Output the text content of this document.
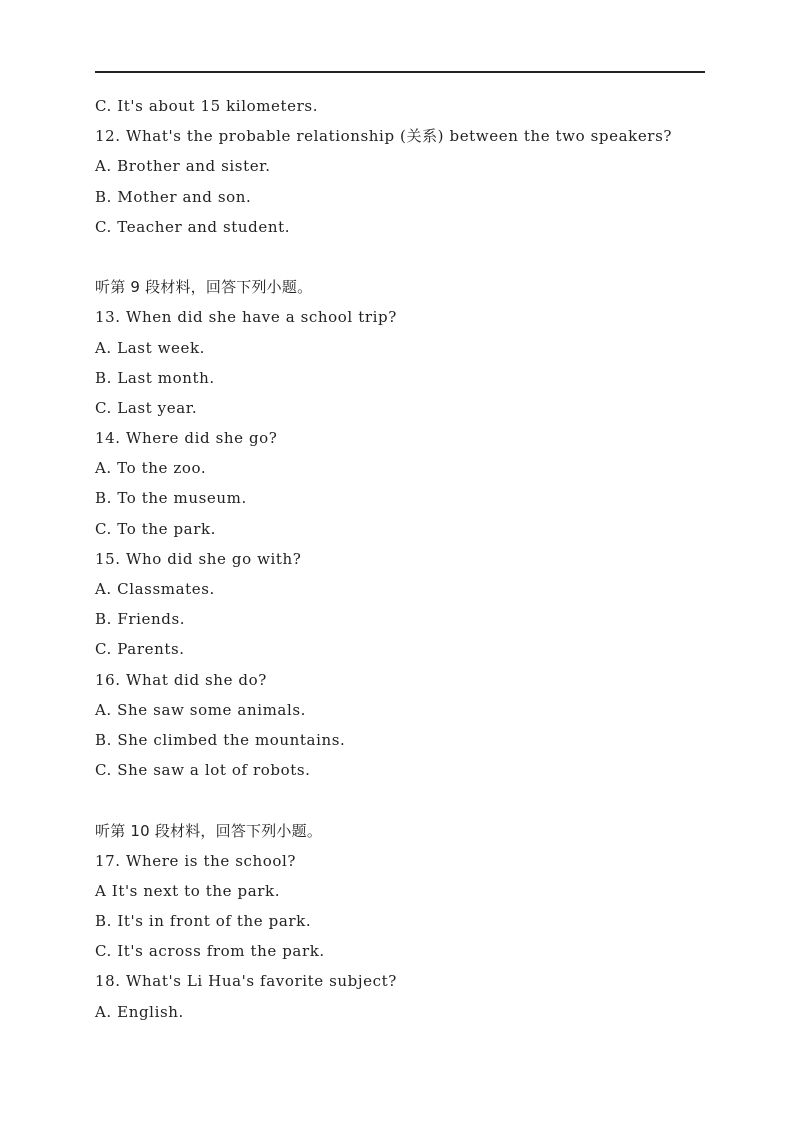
C. It's about 15 kilometers.
12. What's the probable relationship (关系) between the two speakers?
A. Brother and sister.
B. Mother and son.
C. Teacher and student.
听第 9 段材料，回答下列小题。
13. When did she have a school trip?
A. Last week.
B. Last month.
C. Last year.
14. Where did she go?
A. To the zoo.
B. To the museum.
C. To the park.
15. Who did she go with?
A. Classmates.
B. Friends.
C. Parents.
16. What did she do?
A. She saw some animals.
B. She climbed the mountains.
C. She saw a lot of robots.
听第 10 段材料，回答下列小题。
17. Where is the school?
A It's next to the park.
B. It's in front of the park.
C. It's across from the park.
18. What's Li Hua's favorite subject?
A. English.
